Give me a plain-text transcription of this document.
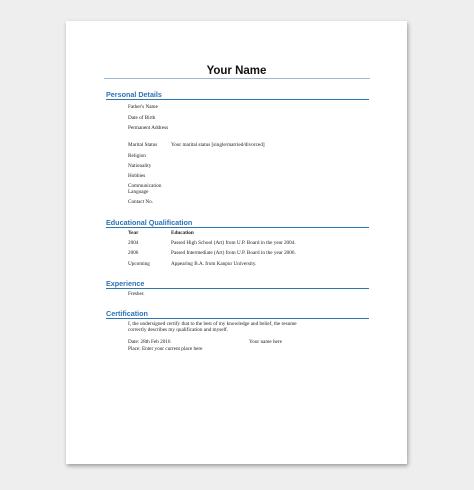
Your Name
Personal Details
Father's Name
Date of Birth
Permanent Address
Marital Status	Your marital status [single/married/divorced]
Religion
Nationality
Hobbies
Communication Language
Contact No.
Educational Qualification
Year	Education
2004	Passed High School (Art) from U.P. Board in the year 2004.
2006	Passed Intermediate (Art) from U.P. Board in the year 2006.
Upcoming	Appearing B.A. from Kanpur University.
Experience
Fresher.
Certification
I, the undersigned certify that to the best of my knowledge and belief, the resume correctly describes my qualification and myself.
Date: 28th Feb 2016	Your name here
Place: Enter your current place here
